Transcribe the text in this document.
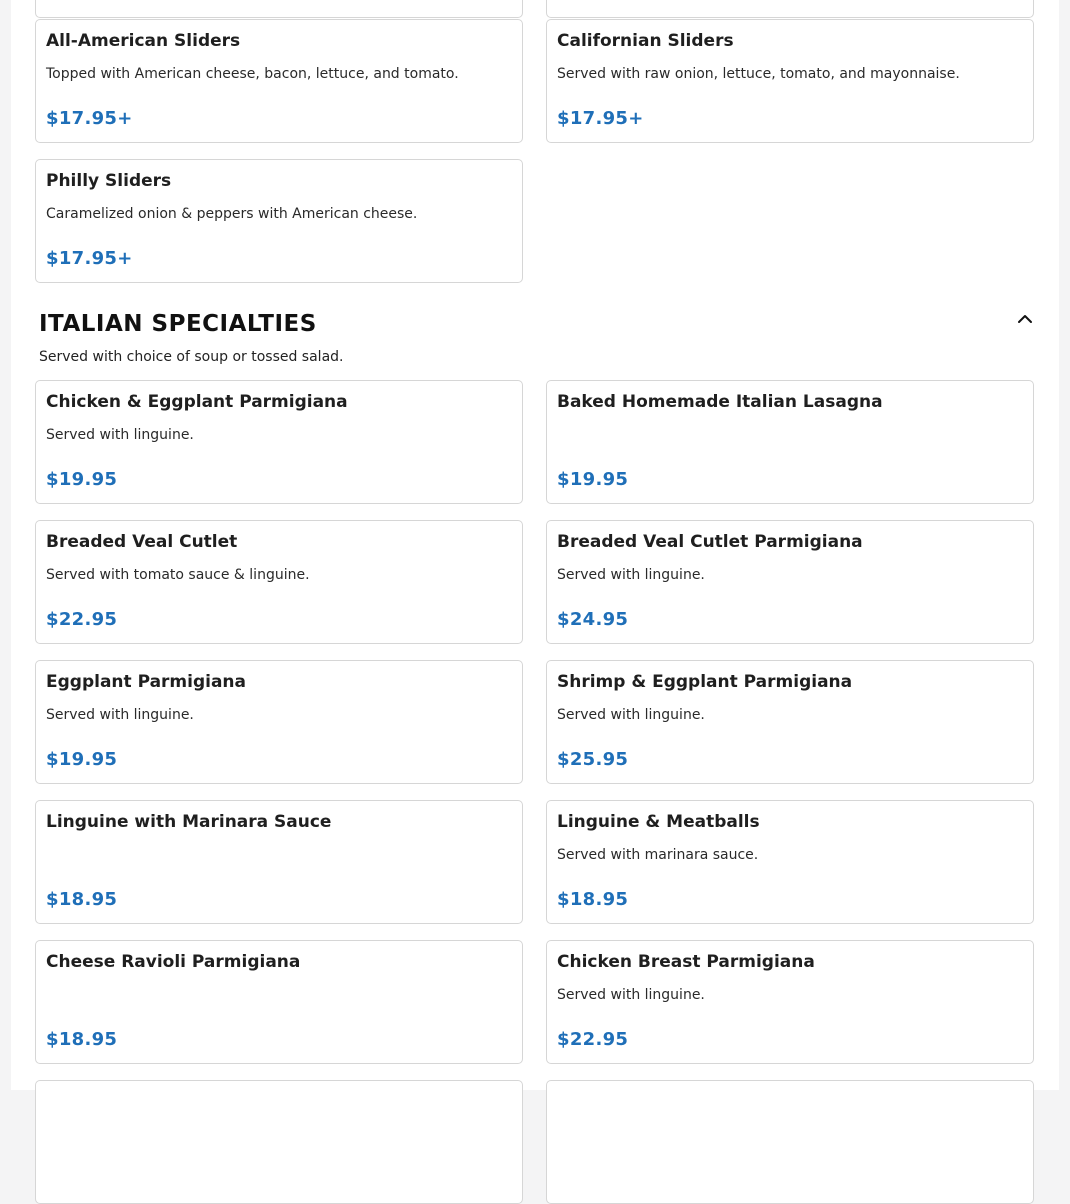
All-American Sliders
Topped with American cheese, bacon, lettuce, and tomato.
$17.95+
Californian Sliders
Served with raw onion, lettuce, tomato, and mayonnaise.
$17.95+
Philly Sliders
Caramelized onion & peppers with American cheese.
$17.95+
ITALIAN SPECIALTIES
Served with choice of soup or tossed salad.
Chicken & Eggplant Parmigiana
Served with linguine.
$19.95
Baked Homemade Italian Lasagna
$19.95
Breaded Veal Cutlet
Served with tomato sauce & linguine.
$22.95
Breaded Veal Cutlet Parmigiana
Served with linguine.
$24.95
Eggplant Parmigiana
Served with linguine.
$19.95
Shrimp & Eggplant Parmigiana
Served with linguine.
$25.95
Linguine with Marinara Sauce
$18.95
Linguine & Meatballs
Served with marinara sauce.
$18.95
Cheese Ravioli Parmigiana
$18.95
Chicken Breast Parmigiana
Served with linguine.
$22.95
